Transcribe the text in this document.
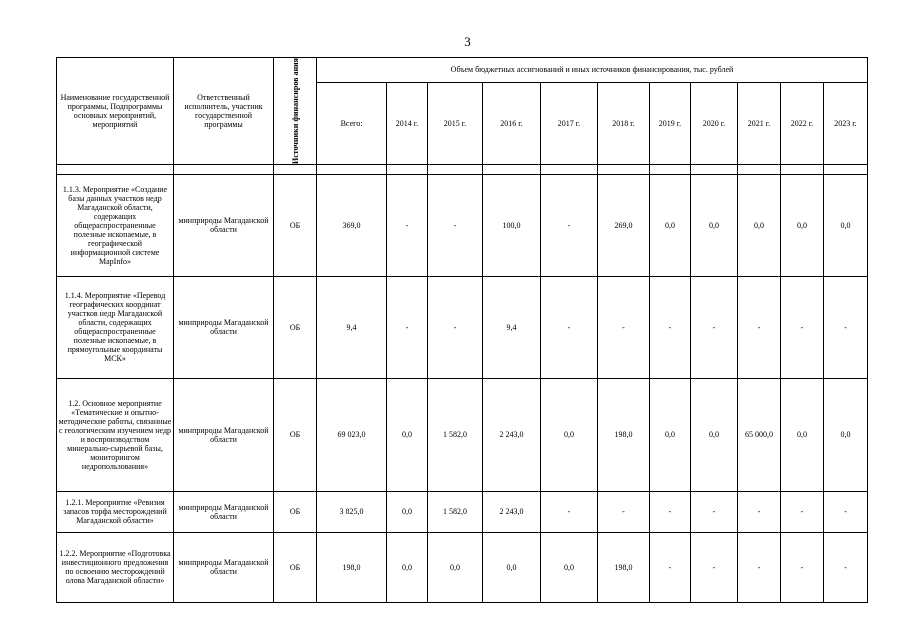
3
Наименование государственной программы, Подпрограммы основных мероприятий, мероприятий	Ответственный исполнитель, участник государственной программы	Источники финансиров ания	Объем бюджетных ассигнований и иных источников финансирования, тыс. рублей										
			Всего:	2014 г.	2015 г.	2016 г.	2017 г.	2018 г.	2019 г.	2020 г.	2021 г.	2022 г.	2023 г.

1.1.3. Мероприятие «Создание базы данных участков недр Магаданской области, содержащих общераспространенные полезные ископаемые, в географической информационной системе MapInfo»	минприроды Магаданской области	ОБ	369,0	-	-	100,0	-	269,0	0,0	0,0	0,0	0,0	0,0
1.1.4. Мероприятие «Перевод географических координат участков недр Магаданской области, содержащих общераспространенные полезные ископаемые, в прямоугольные координаты МСК»	минприроды Магаданской области	ОБ	9,4	-	-	9,4	-	-	-	-	-	-	-
1.2. Основное мероприятие «Тематические и опытно-методические работы, связанные с геологическим изучением недр и воспроизводством минерально-сырьевой базы, мониторингом недропользования»	минприроды Магаданской области	ОБ	69 023,0	0,0	1 582,0	2 243,0	0,0	198,0	0,0	0,0	65 000,0	0,0	0,0
1.2.1. Мероприятие «Ревизия запасов торфа месторождений Магаданской области»	минприроды Магаданской области	ОБ	3 825,0	0,0	1 582,0	2 243,0	-	-	-	-	-	-	-
1.2.2. Мероприятие «Подготовка инвестиционного предложения по освоению месторождений олова Магаданской области»	минприроды Магаданской области	ОБ	198,0	0,0	0,0	0,0	0,0	198,0	-	-	-	-	-
